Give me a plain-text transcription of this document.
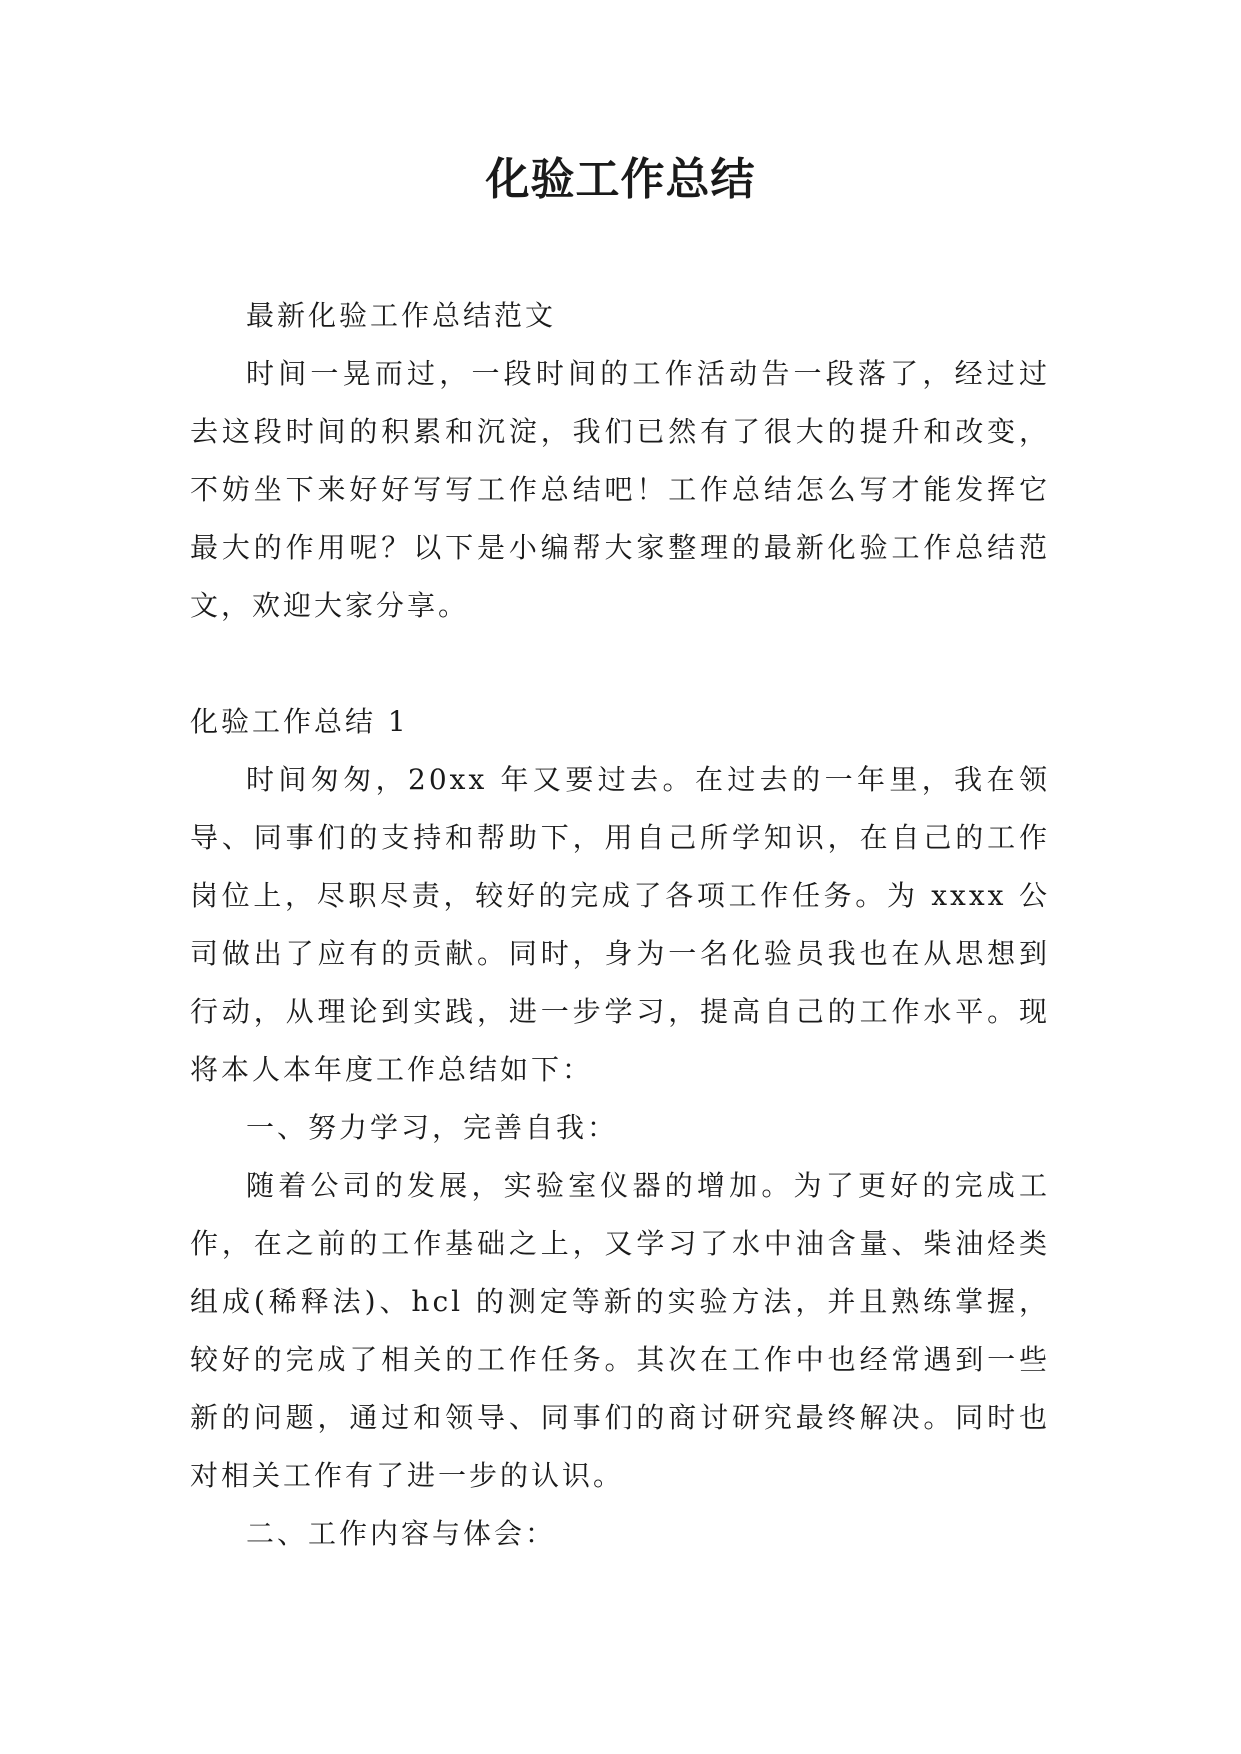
化验工作总结

最新化验工作总结范文

时间一晃而过，一段时间的工作活动告一段落了，经过过去这段时间的积累和沉淀，我们已然有了很大的提升和改变，不妨坐下来好好写写工作总结吧！工作总结怎么写才能发挥它最大的作用呢？以下是小编帮大家整理的最新化验工作总结范文，欢迎大家分享。

化验工作总结 1

时间匆匆，20xx 年又要过去。在过去的一年里，我在领导、同事们的支持和帮助下，用自己所学知识，在自己的工作岗位上，尽职尽责，较好的完成了各项工作任务。为 xxxx 公司做出了应有的贡献。同时，身为一名化验员我也在从思想到行动，从理论到实践，进一步学习，提高自己的工作水平。现将本人本年度工作总结如下：

一、努力学习，完善自我：

随着公司的发展，实验室仪器的增加。为了更好的完成工作，在之前的工作基础之上，又学习了水中油含量、柴油烃类组成(稀释法)、hcl 的测定等新的实验方法，并且熟练掌握，较好的完成了相关的工作任务。其次在工作中也经常遇到一些新的问题，通过和领导、同事们的商讨研究最终解决。同时也对相关工作有了进一步的认识。

二、工作内容与体会：
